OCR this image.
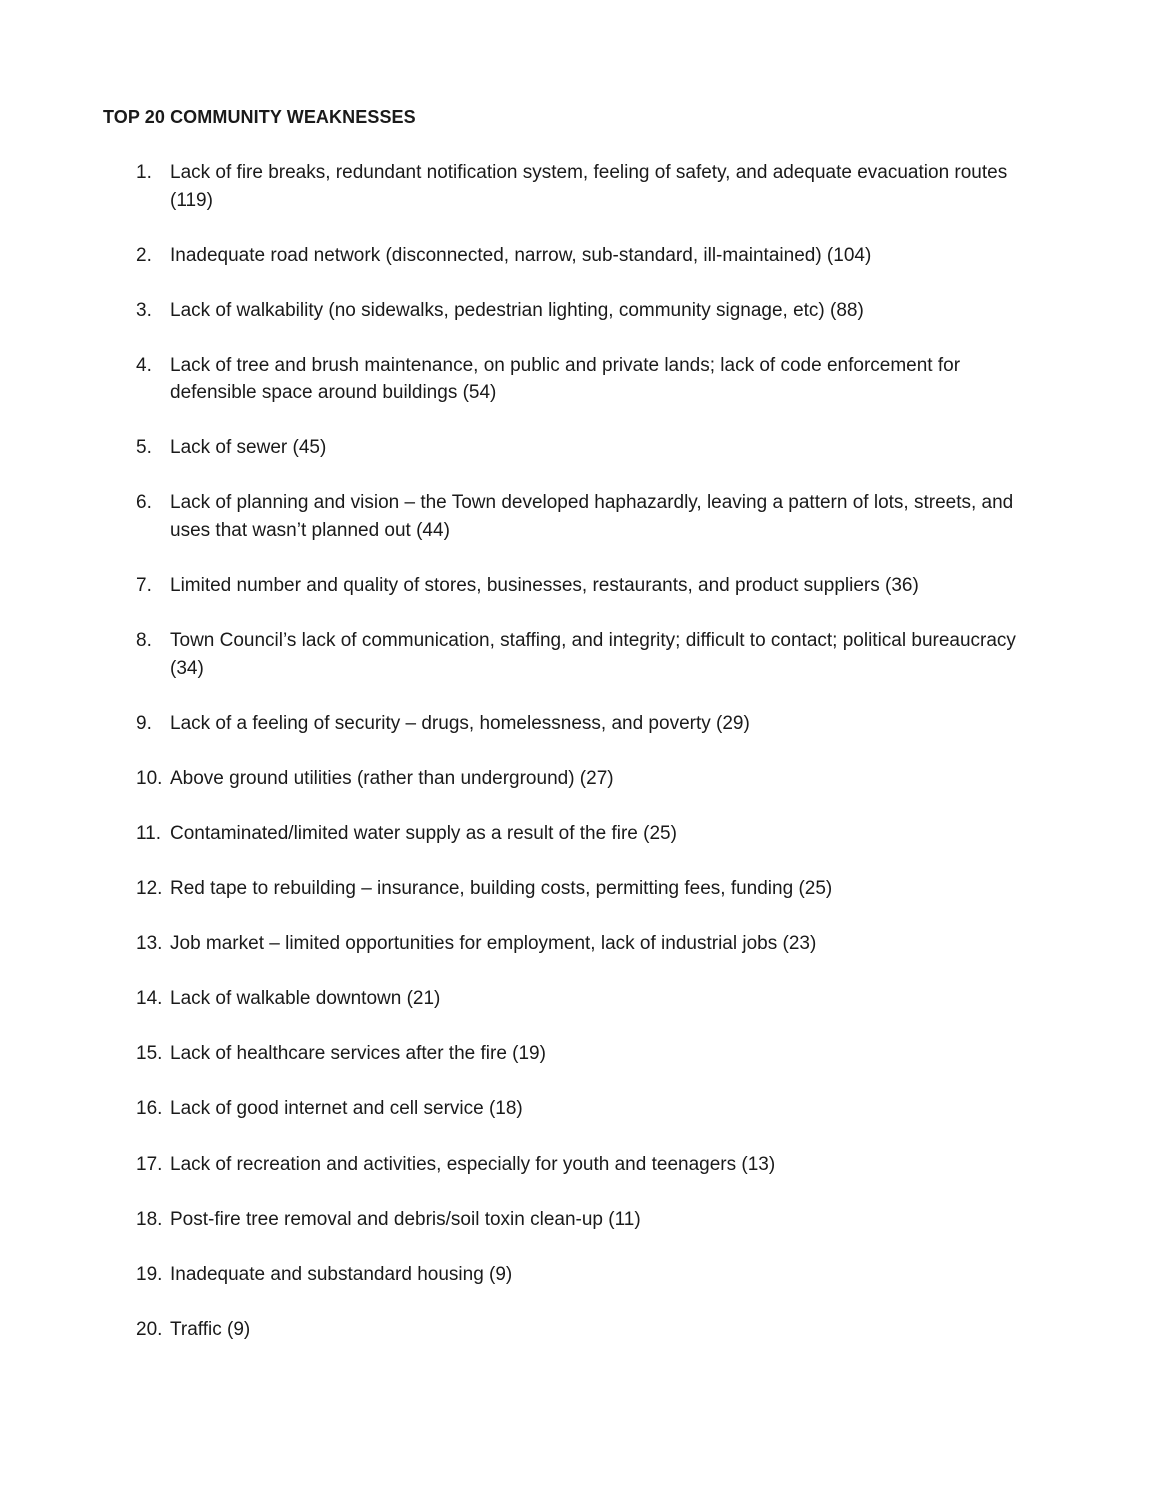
TOP 20 COMMUNITY WEAKNESSES
1. Lack of fire breaks, redundant notification system, feeling of safety, and adequate evacuation routes (119)
2. Inadequate road network (disconnected, narrow, sub-standard, ill-maintained) (104)
3. Lack of walkability (no sidewalks, pedestrian lighting, community signage, etc) (88)
4. Lack of tree and brush maintenance, on public and private lands; lack of code enforcement for defensible space around buildings (54)
5. Lack of sewer (45)
6. Lack of planning and vision – the Town developed haphazardly, leaving a pattern of lots, streets, and uses that wasn’t planned out (44)
7. Limited number and quality of stores, businesses, restaurants, and product suppliers (36)
8. Town Council’s lack of communication, staffing, and integrity; difficult to contact; political bureaucracy (34)
9. Lack of a feeling of security – drugs, homelessness, and poverty (29)
10. Above ground utilities (rather than underground) (27)
11. Contaminated/limited water supply as a result of the fire (25)
12. Red tape to rebuilding – insurance, building costs, permitting fees, funding (25)
13. Job market – limited opportunities for employment, lack of industrial jobs (23)
14. Lack of walkable downtown (21)
15. Lack of healthcare services after the fire (19)
16. Lack of good internet and cell service (18)
17. Lack of recreation and activities, especially for youth and teenagers (13)
18. Post-fire tree removal and debris/soil toxin clean-up (11)
19. Inadequate and substandard housing (9)
20. Traffic (9)
